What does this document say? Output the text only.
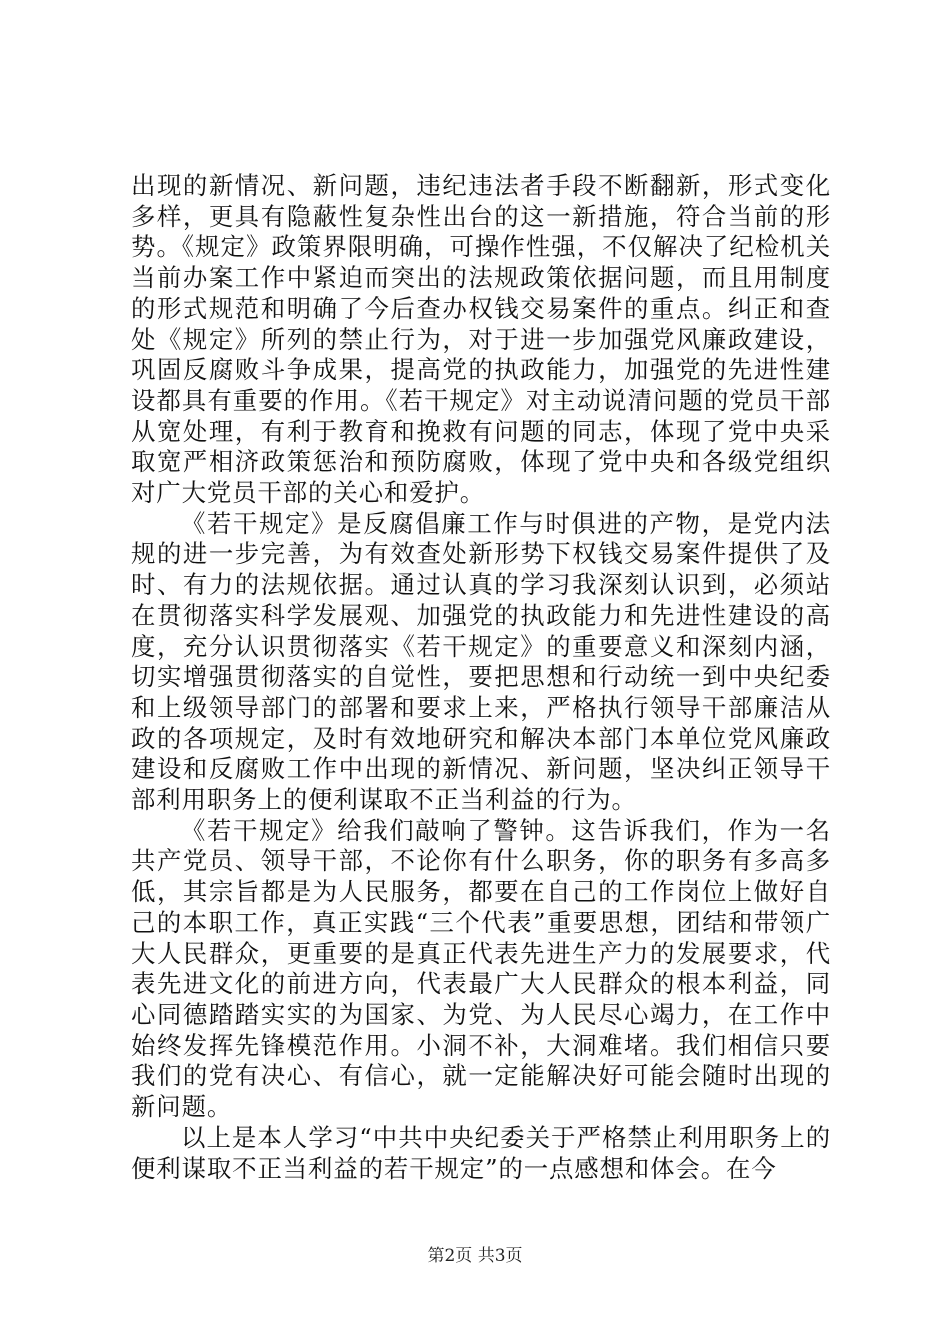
出现的新情况、新问题，违纪违法者手段不断翻新，形式变化多样，更具有隐蔽性复杂性出台的这一新措施，符合当前的形势。《规定》政策界限明确，可操作性强，不仅解决了纪检机关当前办案工作中紧迫而突出的法规政策依据问题，而且用制度的形式规范和明确了今后查办权钱交易案件的重点。纠正和查处《规定》所列的禁止行为，对于进一步加强党风廉政建设，巩固反腐败斗争成果，提高党的执政能力，加强党的先进性建设都具有重要的作用。《若干规定》对主动说清问题的党员干部从宽处理，有利于教育和挽救有问题的同志，体现了党中央采取宽严相济政策惩治和预防腐败，体现了党中央和各级党组织对广大党员干部的关心和爱护。

《若干规定》是反腐倡廉工作与时俱进的产物，是党内法规的进一步完善，为有效查处新形势下权钱交易案件提供了及时、有力的法规依据。通过认真的学习我深刻认识到，必须站在贯彻落实科学发展观、加强党的执政能力和先进性建设的高度，充分认识贯彻落实《若干规定》的重要意义和深刻内涵，切实增强贯彻落实的自觉性，要把思想和行动统一到中央纪委和上级领导部门的部署和要求上来，严格执行领导干部廉洁从政的各项规定，及时有效地研究和解决本部门本单位党风廉政建设和反腐败工作中出现的新情况、新问题，坚决纠正领导干部利用职务上的便利谋取不正当利益的行为。

《若干规定》给我们敲响了警钟。这告诉我们，作为一名共产党员、领导干部，不论你有什么职务，你的职务有多高多低，其宗旨都是为人民服务，都要在自己的工作岗位上做好自己的本职工作，真正实践“三个代表”重要思想，团结和带领广大人民群众，更重要的是真正代表先进生产力的发展要求，代表先进文化的前进方向，代表最广大人民群众的根本利益，同心同德踏踏实实的为国家、为党、为人民尽心竭力，在工作中始终发挥先锋模范作用。小洞不补，大洞难堵。我们相信只要我们的党有决心、有信心，就一定能解决好可能会随时出现的新问题。

以上是本人学习“中共中央纪委关于严格禁止利用职务上的便利谋取不正当利益的若干规定”的一点感想和体会。在今

第2页 共3页
